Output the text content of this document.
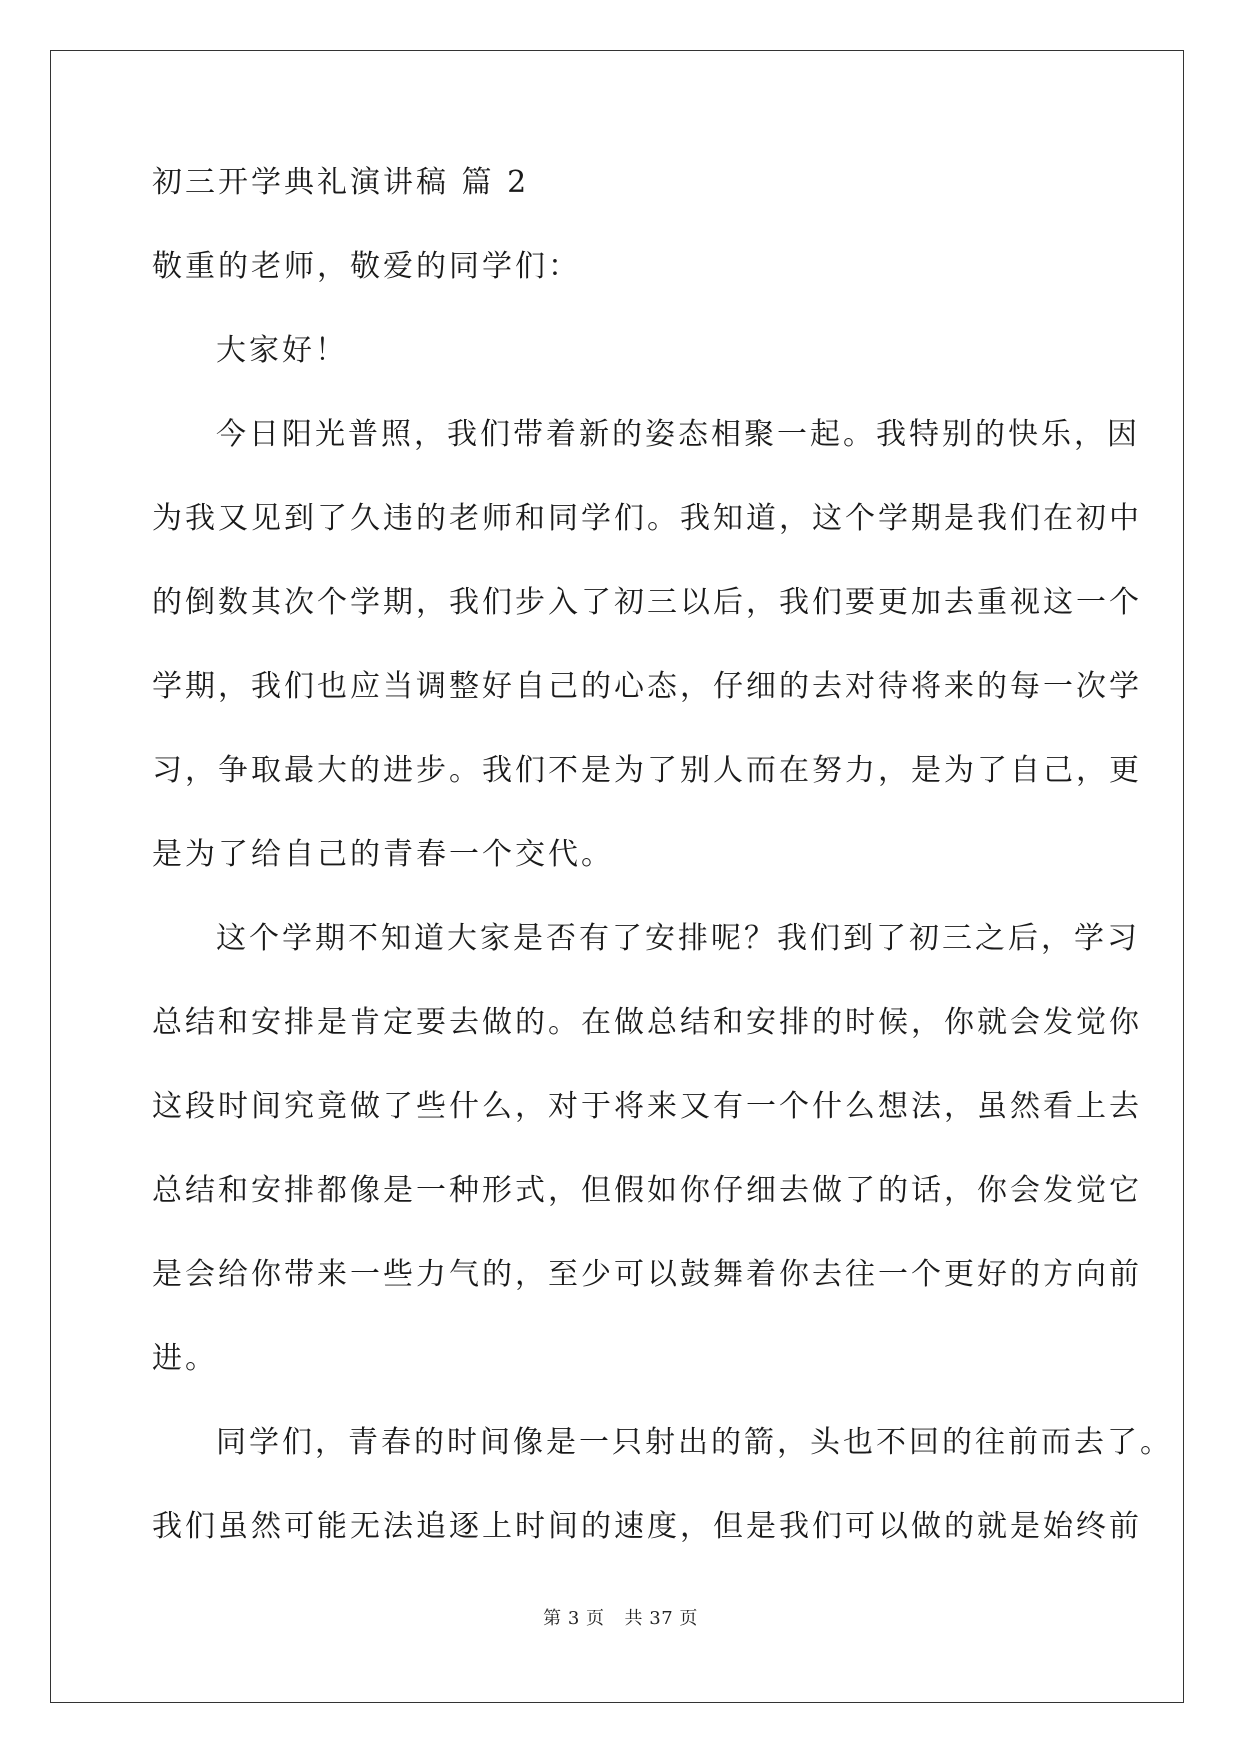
初三开学典礼演讲稿 篇 2
敬重的老师，敬爱的同学们：
大家好！
今日阳光普照，我们带着新的姿态相聚一起。我特别的快乐，因
为我又见到了久违的老师和同学们。我知道，这个学期是我们在初中
的倒数其次个学期，我们步入了初三以后，我们要更加去重视这一个
学期，我们也应当调整好自己的心态，仔细的去对待将来的每一次学
习，争取最大的进步。我们不是为了别人而在努力，是为了自己，更
是为了给自己的青春一个交代。
这个学期不知道大家是否有了安排呢？我们到了初三之后，学习
总结和安排是肯定要去做的。在做总结和安排的时候，你就会发觉你
这段时间究竟做了些什么，对于将来又有一个什么想法，虽然看上去
总结和安排都像是一种形式，但假如你仔细去做了的话，你会发觉它
是会给你带来一些力气的，至少可以鼓舞着你去往一个更好的方向前
进。
同学们，青春的时间像是一只射出的箭，头也不回的往前而去了。
我们虽然可能无法追逐上时间的速度，但是我们可以做的就是始终前
第 3 页 共 37 页
